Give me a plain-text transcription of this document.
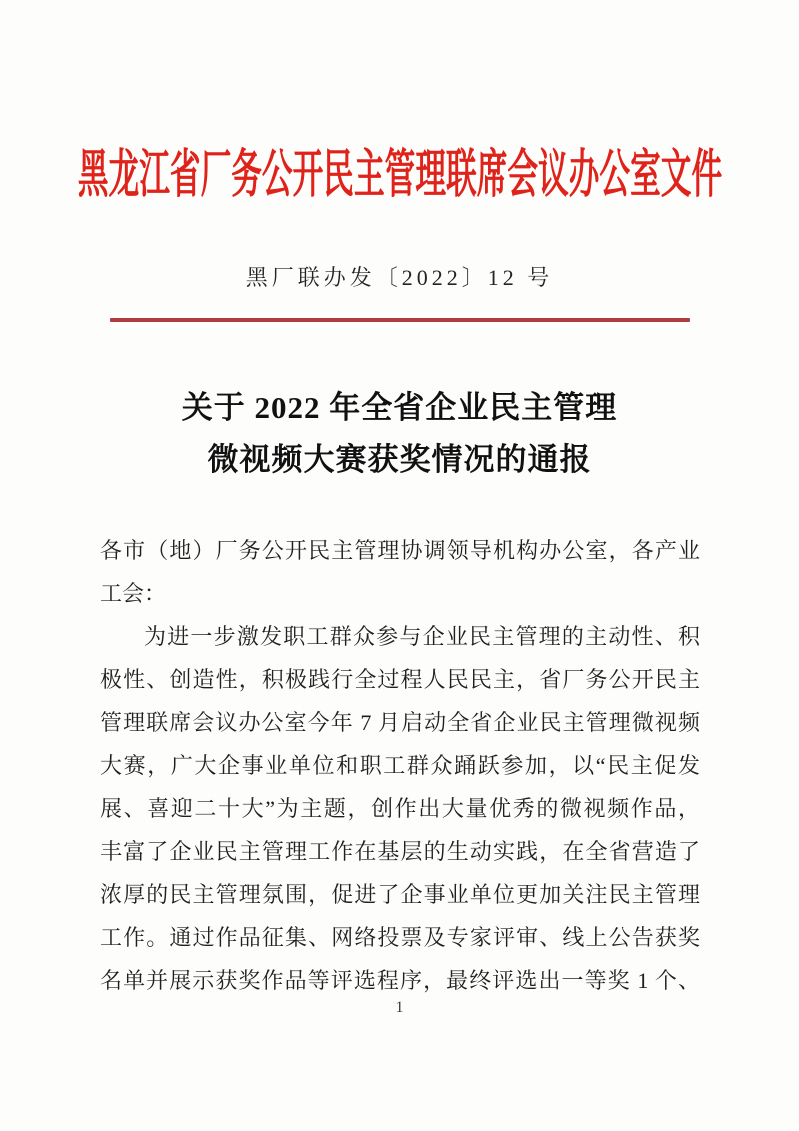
黑龙江省厂务公开民主管理联席会议办公室文件
黑厂联办发〔2022〕12 号
关于 2022 年全省企业民主管理
微视频大赛获奖情况的通报
各市（地）厂务公开民主管理协调领导机构办公室，各产业
工会：
为进一步激发职工群众参与企业民主管理的主动性、积
极性、创造性，积极践行全过程人民民主，省厂务公开民主
管理联席会议办公室今年 7 月启动全省企业民主管理微视频
大赛，广大企事业单位和职工群众踊跃参加，以“民主促发
展、喜迎二十大”为主题，创作出大量优秀的微视频作品，
丰富了企业民主管理工作在基层的生动实践，在全省营造了
浓厚的民主管理氛围，促进了企事业单位更加关注民主管理
工作。通过作品征集、网络投票及专家评审、线上公告获奖
名单并展示获奖作品等评选程序，最终评选出一等奖 1 个、
1
